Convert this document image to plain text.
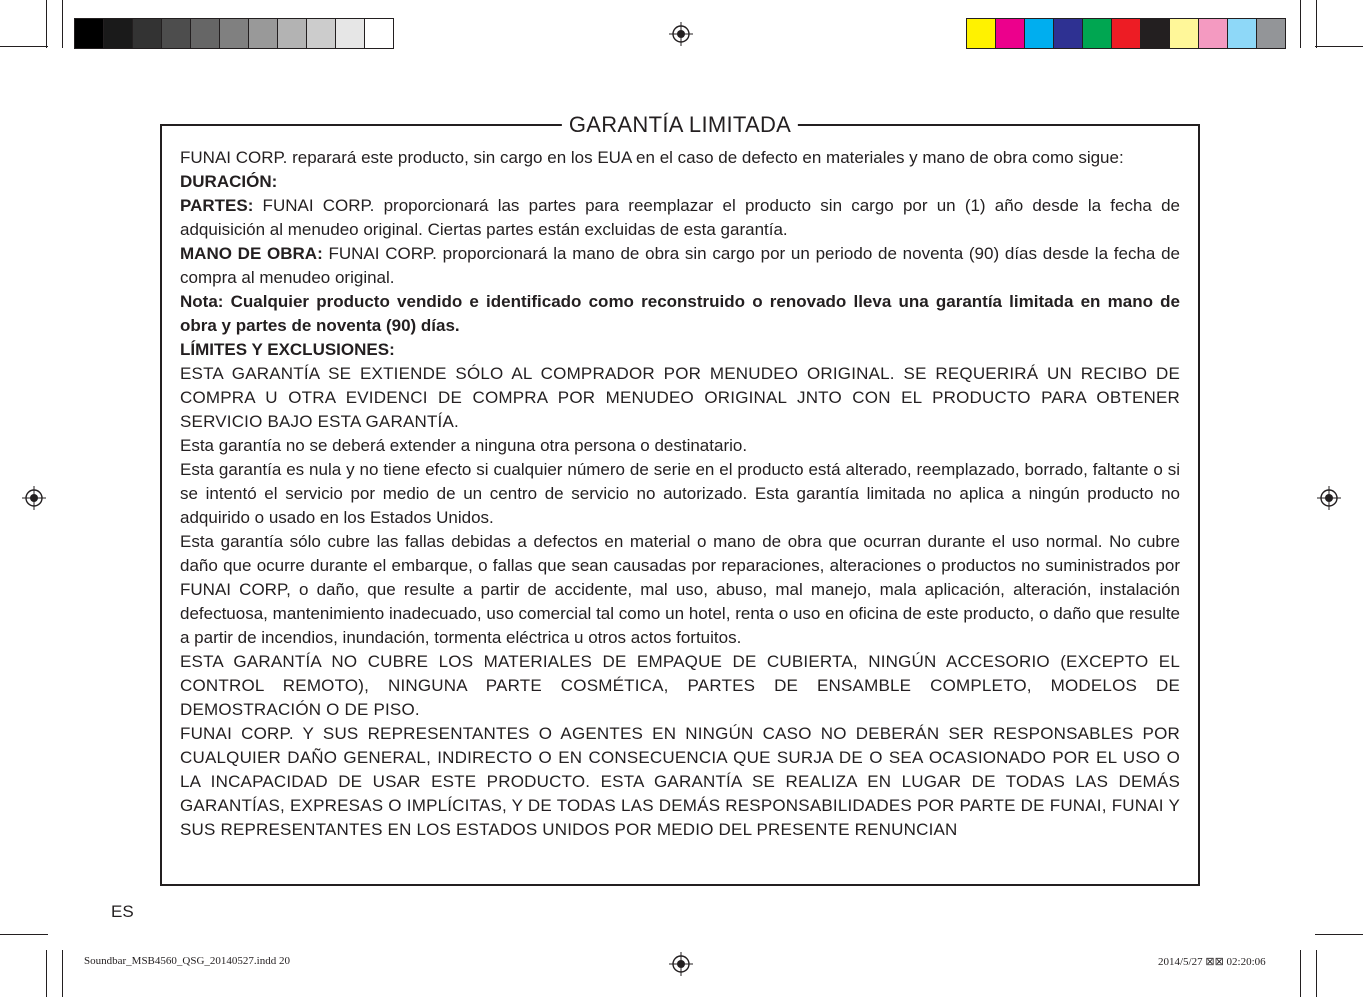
GARANTÍA LIMITADA

FUNAI CORP. reparará este producto, sin cargo en los EUA en el caso de defecto en materiales y mano de obra como sigue:

DURACIÓN:

PARTES: FUNAI CORP. proporcionará las partes para reemplazar el producto sin cargo por un (1) año desde la fecha de adquisición al menudeo original. Ciertas partes están excluidas de esta garantía.

MANO DE OBRA: FUNAI CORP. proporcionará la mano de obra sin cargo por un periodo de noventa (90) días desde la fecha de compra al menudeo original.

Nota: Cualquier producto vendido e identificado como reconstruido o renovado lleva una garantía limitada en mano de obra y partes de noventa (90) días.

LÍMITES Y EXCLUSIONES:

ESTA GARANTÍA SE EXTIENDE SÓLO AL COMPRADOR POR MENUDEO ORIGINAL. SE REQUERIRÁ UN RECIBO DE COMPRA U OTRA EVIDENCI DE COMPRA POR MENUDEO ORIGINAL JNTO CON EL PRODUCTO PARA OBTENER SERVICIO BAJO ESTA GARANTÍA.

Esta garantía no se deberá extender a ninguna otra persona o destinatario.

Esta garantía es nula y no tiene efecto si cualquier número de serie en el producto está alterado, reemplazado, borrado, faltante o si se intentó el servicio por medio de un centro de servicio no autorizado. Esta garantía limitada no aplica a ningún producto no adquirido o usado en los Estados Unidos.

Esta garantía sólo cubre las fallas debidas a defectos en material o mano de obra que ocurran durante el uso normal. No cubre daño que ocurre durante el embarque, o fallas que sean causadas por reparaciones, alteraciones o productos no suministrados por FUNAI CORP, o daño, que resulte a partir de accidente, mal uso, abuso, mal manejo, mala aplicación, alteración, instalación defectuosa, mantenimiento inadecuado, uso comercial tal como un hotel, renta o uso en oficina de este producto, o daño que resulte a partir de incendios, inundación, tormenta eléctrica u otros actos fortuitos.

ESTA GARANTÍA NO CUBRE LOS MATERIALES DE EMPAQUE DE CUBIERTA, NINGÚN ACCESORIO (EXCEPTO EL CONTROL REMOTO), NINGUNA PARTE COSMÉTICA, PARTES DE ENSAMBLE COMPLETO, MODELOS DE DEMOSTRACIÓN O DE PISO.

FUNAI CORP. Y SUS REPRESENTANTES O AGENTES EN NINGÚN CASO NO DEBERÁN SER RESPONSABLES POR CUALQUIER DAÑO GENERAL, INDIRECTO O EN CONSECUENCIA QUE SURJA DE O SEA OCASIONADO POR EL USO O LA INCAPACIDAD DE USAR ESTE PRODUCTO. ESTA GARANTÍA SE REALIZA EN LUGAR DE TODAS LAS DEMÁS GARANTÍAS, EXPRESAS O IMPLÍCITAS, Y DE TODAS LAS DEMÁS RESPONSABILIDADES POR PARTE DE FUNAI, FUNAI Y SUS REPRESENTANTES EN LOS ESTADOS UNIDOS POR MEDIO DEL PRESENTE RENUNCIAN

ES
Soundbar_MSB4560_QSG_20140527.indd 20	2014/5/27 ⊠⊠ 02:20:06
